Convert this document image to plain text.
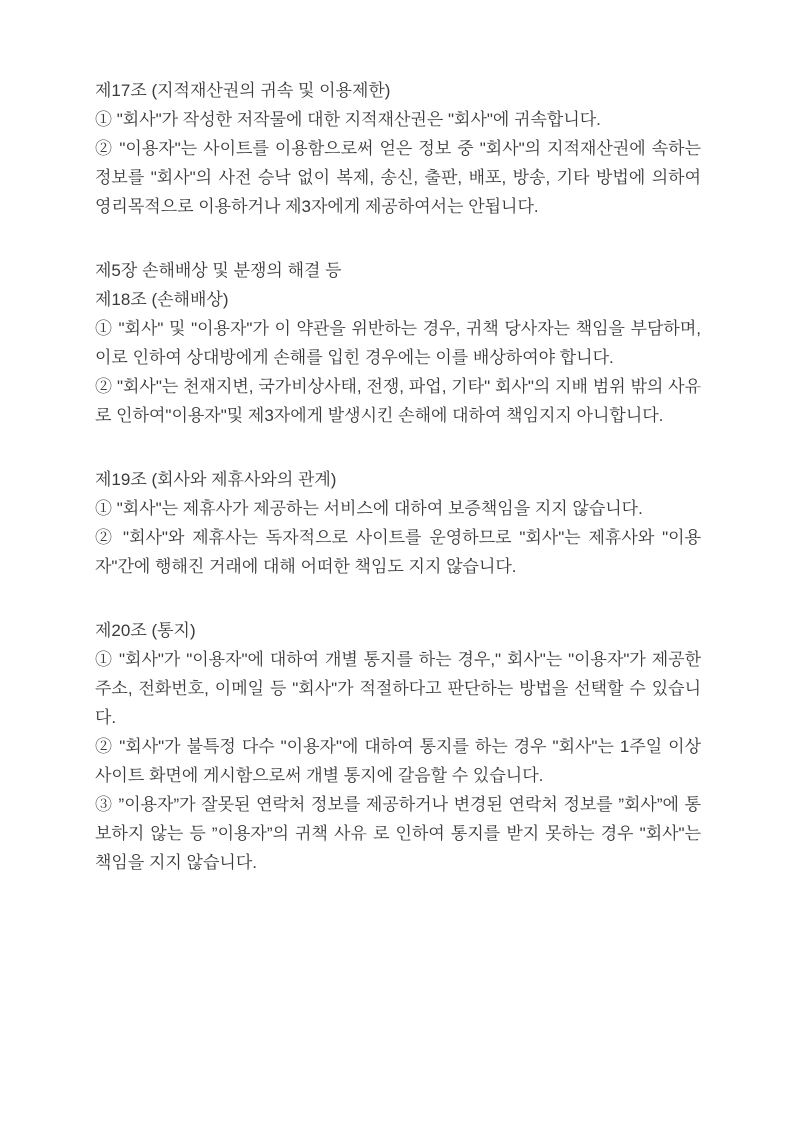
제17조 (지적재산권의 귀속 및 이용제한)

① "회사"가 작성한 저작물에 대한 지적재산권은 "회사"에 귀속합니다.

② "이용자"는 사이트를 이용함으로써 얻은 정보 중 "회사"의 지적재산권에 속하는 정보를 "회사"의 사전 승낙 없이 복제, 송신, 출판, 배포, 방송, 기타 방법에 의하여 영리목적으로 이용하거나 제3자에게 제공하여서는 안됩니다.

제5장 손해배상 및 분쟁의 해결 등

제18조 (손해배상)

① "회사" 및 "이용자"가 이 약관을 위반하는 경우, 귀책 당사자는 책임을 부담하며, 이로 인하여 상대방에게 손해를 입힌 경우에는 이를 배상하여야 합니다.

② "회사"는 천재지변, 국가비상사태, 전쟁, 파업, 기타" 회사"의 지배 범위 밖의 사유로 인하여"이용자"및 제3자에게 발생시킨 손해에 대하여 책임지지 아니합니다.

제19조 (회사와 제휴사와의 관계)

① "회사"는 제휴사가 제공하는 서비스에 대하여 보증책임을 지지 않습니다.

② "회사"와 제휴사는 독자적으로 사이트를 운영하므로 "회사"는 제휴사와 "이용자"간에 행해진 거래에 대해 어떠한 책임도 지지 않습니다.

제20조 (통지)

① "회사"가 "이용자"에 대하여 개별 통지를 하는 경우," 회사"는 "이용자"가 제공한 주소, 전화번호, 이메일 등 "회사"가 적절하다고 판단하는 방법을 선택할 수 있습니다.

② "회사"가 불특정 다수 "이용자"에 대하여 통지를 하는 경우 "회사"는 1주일 이상 사이트 화면에 게시함으로써 개별 통지에 갈음할 수 있습니다.

③ ”이용자”가 잘못된 연락처 정보를 제공하거나 변경된 연락처 정보를 ”회사”에 통보하지 않는 등 ”이용자”의 귀책 사유 로 인하여 통지를 받지 못하는 경우 "회사"는 책임을 지지 않습니다.
